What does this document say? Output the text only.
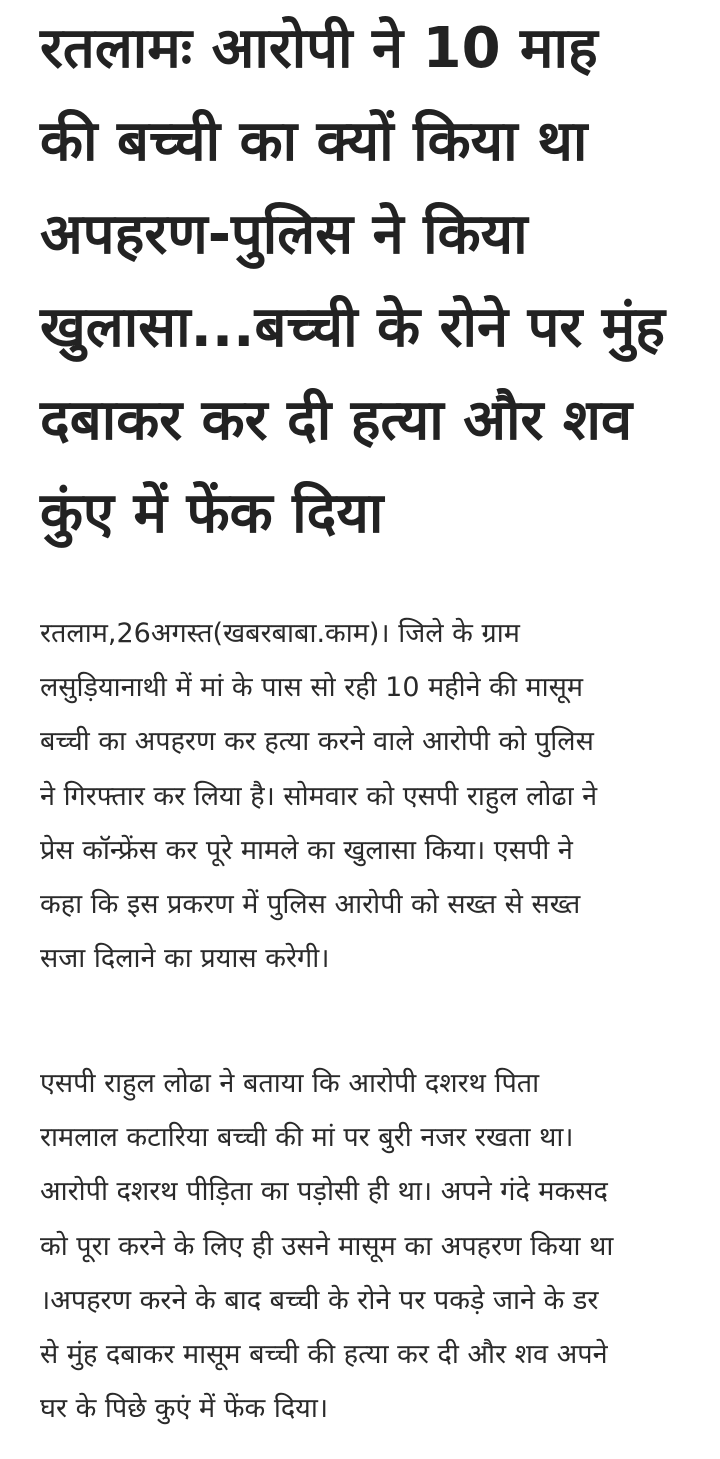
रतलामः आरोपी ने 10 माह
की बच्ची का क्यों किया था
अपहरण-पुलिस ने किया
खुलासा...बच्ची के रोने पर मुंह
दबाकर कर दी हत्या और शव
कुंए में फेंक दिया

रतलाम,26अगस्त(खबरबाबा.काम)। जिले के ग्राम
लसुड़ियानाथी में मां के पास सो रही 10 महीने की मासूम
बच्ची का अपहरण कर हत्या करने वाले आरोपी को पुलिस
ने गिरफ्तार कर लिया है। सोमवार को एसपी राहुल लोढा ने
प्रेस कॉन्फ्रेंस कर पूरे मामले का खुलासा किया। एसपी ने
कहा कि इस प्रकरण में पुलिस आरोपी को सख्त से सख्त
सजा दिलाने का प्रयास करेगी।

एसपी राहुल लोढा ने बताया कि आरोपी दशरथ पिता
रामलाल कटारिया बच्ची की मां पर बुरी नजर रखता था।
आरोपी दशरथ पीड़िता का पड़ोसी ही था। अपने गंदे मकसद
को पूरा करने के लिए ही उसने मासूम का अपहरण किया था
।अपहरण करने के बाद बच्ची के रोने पर पकड़े जाने के डर
से मुंह दबाकर मासूम बच्ची की हत्या कर दी और शव अपने
घर के पिछे कुएं में फेंक दिया।
